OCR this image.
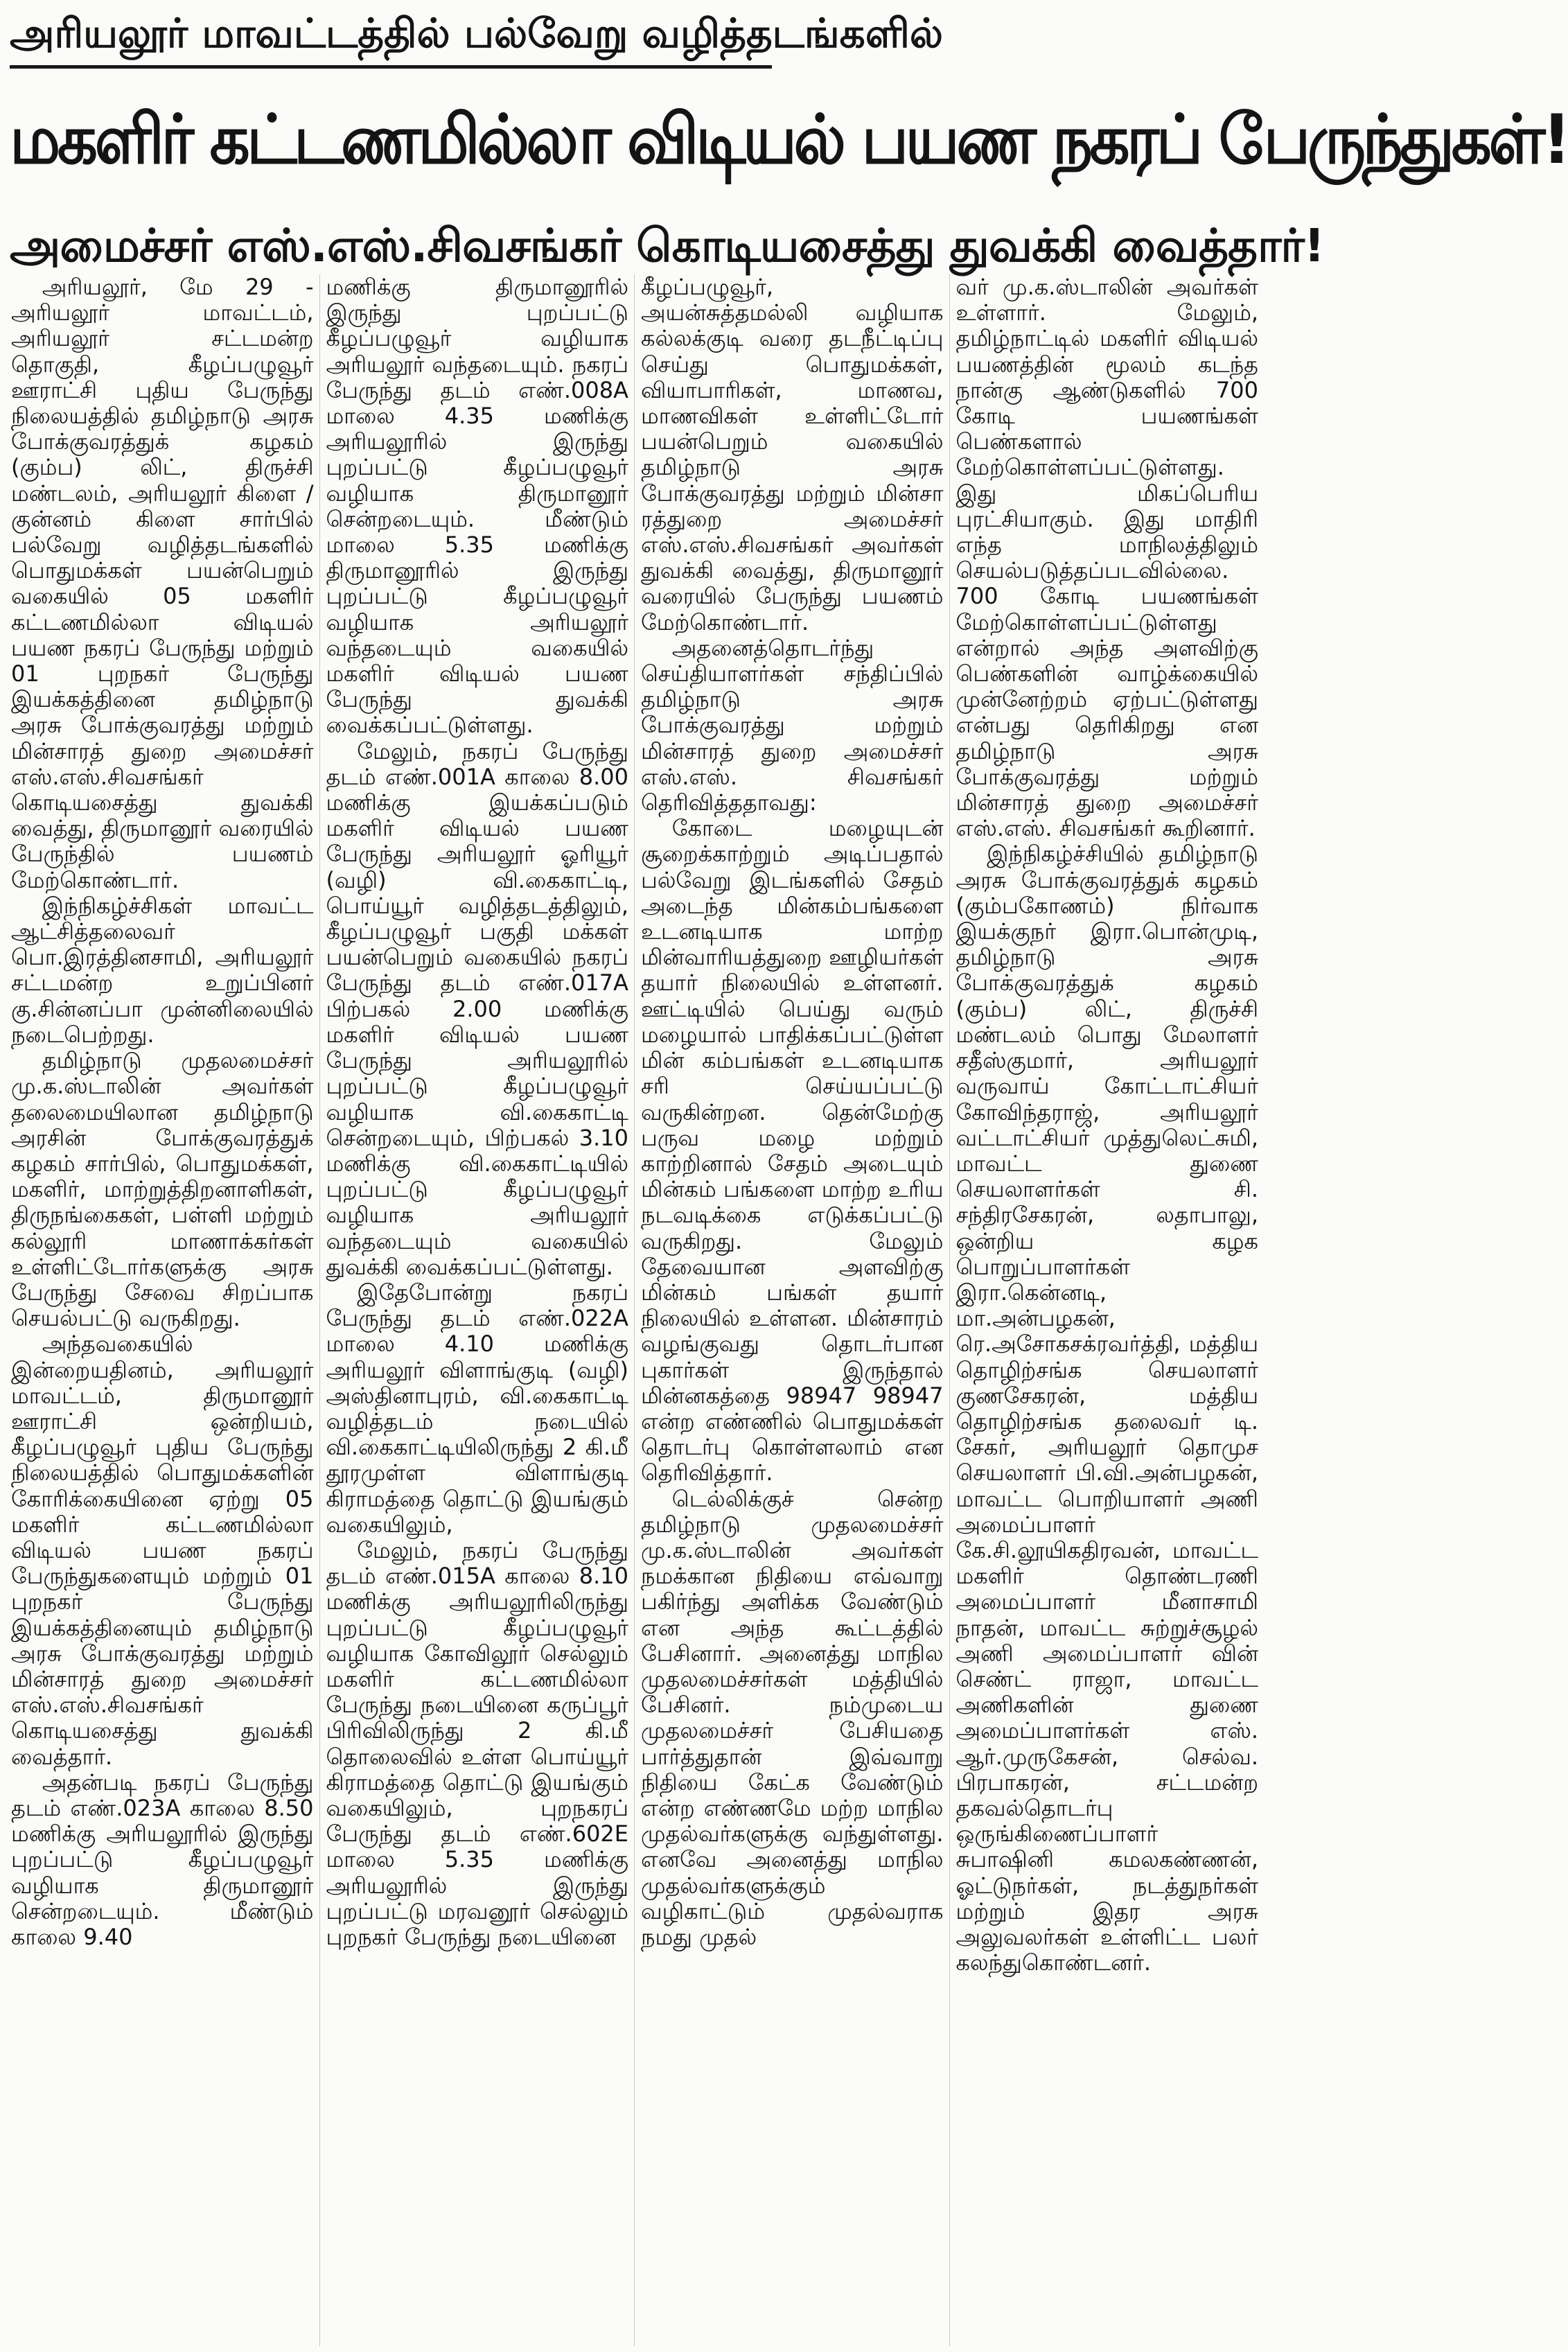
அரியலூர் மாவட்டத்தில் பல்வேறு வழித்தடங்களில்
மகளிர் கட்டணமில்லா விடியல் பயண நகரப் பேருந்துகள்!
அமைச்சர் எஸ்.எஸ்.சிவசங்கர் கொடியசைத்து துவக்கி வைத்தார்!

அரியலூர், மே 29 - அரியலூர் மாவட்டம், அரியலூர் சட்டமன்ற தொகுதி, கீழப்பழுவூர் ஊராட்சி புதிய பேருந்து நிலையத்தில் தமிழ்நாடு அரசு போக்குவரத்துக் கழகம் (கும்ப) லிட், திருச்சி மண்டலம், அரியலூர் கிளை / குன்னம் கிளை சார்பில் பல்வேறு வழித்தடங்களில் பொதுமக்கள் பயன்பெறும் வகையில் 05 மகளிர் கட்டணமில்லா விடியல் பயண நகரப் பேருந்து மற்றும் 01 புறநகர் பேருந்து இயக்கத்தினை தமிழ்நாடு அரசு போக்குவரத்து மற்றும் மின்சாரத் துறை அமைச்சர் எஸ்.எஸ்.சிவசங்கர் கொடியசைத்து துவக்கி வைத்து, திருமானூர் வரையில் பேருந்தில் பயணம் மேற்கொண்டார்.

இந்நிகழ்ச்சிகள் மாவட்ட ஆட்சித்தலைவர் பொ.இரத்தினசாமி, அரியலூர் சட்டமன்ற உறுப்பினர் கு.சின்னப்பா முன்னிலையில் நடைபெற்றது.

தமிழ்நாடு முதலமைச்சர் மு.க.ஸ்டாலின் அவர்கள் தலைமையிலான தமிழ்நாடு அரசின் போக்குவரத்துக் கழகம் சார்பில், பொதுமக்கள், மகளிர், மாற்றுத்திறனாளிகள், திருநங்கைகள், பள்ளி மற்றும் கல்லூரி மாணாக்கர்கள் உள்ளிட்டோர்களுக்கு அரசு பேருந்து சேவை சிறப்பாக செயல்பட்டு வருகிறது.

அந்தவகையில் இன்றையதினம், அரியலூர் மாவட்டம், திருமானூர் ஊராட்சி ஒன்றியம், கீழப்பழுவூர் புதிய பேருந்து நிலையத்தில் பொதுமக்களின் கோரிக்கையினை ஏற்று 05 மகளிர் கட்டணமில்லா விடியல் பயண நகரப் பேருந்துகளையும் மற்றும் 01 புறநகர் பேருந்து இயக்கத்தினையும் தமிழ்நாடு அரசு போக்குவரத்து மற்றும் மின்சாரத் துறை அமைச்சர் எஸ்.எஸ்.சிவசங்கர் கொடியசைத்து துவக்கி வைத்தார்.

அதன்படி நகரப் பேருந்து தடம் எண்.023A காலை 8.50 மணிக்கு அரியலூரில் இருந்து புறப்பட்டு கீழப்பழுவூர் வழியாக திருமானூர் சென்றடையும். மீண்டும் காலை 9.40

மணிக்கு திருமானூரில் இருந்து புறப்பட்டு கீழப்பழுவூர் வழியாக அரியலூர் வந்தடையும். நகரப் பேருந்து தடம் எண்.008A மாலை 4.35 மணிக்கு அரியலூரில் இருந்து புறப்பட்டு கீழப்பழுவூர் வழியாக திருமானூர் சென்றடையும். மீண்டும் மாலை 5.35 மணிக்கு திருமானூரில் இருந்து புறப்பட்டு கீழப்பழுவூர் வழியாக அரியலூர் வந்தடையும் வகையில் மகளிர் விடியல் பயண பேருந்து துவக்கி வைக்கப்பட்டுள்ளது.

மேலும், நகரப் பேருந்து தடம் எண்.001A காலை 8.00 மணிக்கு இயக்கப்படும் மகளிர் விடியல் பயண பேருந்து அரியலூர் ஓரியூர் (வழி) வி.கைகாட்டி, பொய்யூர் வழித்தடத்திலும், கீழப்பழுவூர் பகுதி மக்கள் பயன்பெறும் வகையில் நகரப் பேருந்து தடம் எண்.017A பிற்பகல் 2.00 மணிக்கு மகளிர் விடியல் பயண பேருந்து அரியலூரில் புறப்பட்டு கீழப்பழுவூர் வழியாக வி.கைகாட்டி சென்றடையும், பிற்பகல் 3.10 மணிக்கு வி.கைகாட்டியில் புறப்பட்டு கீழப்பழுவூர் வழியாக அரியலூர் வந்தடையும் வகையில் துவக்கி வைக்கப்பட்டுள்ளது.

இதேபோன்று நகரப் பேருந்து தடம் எண்.022A மாலை 4.10 மணிக்கு அரியலூர் விளாங்குடி (வழி) அஸ்தினாபுரம், வி.கைகாட்டி வழித்தடம் நடையில் வி.கைகாட்டியிலிருந்து 2 கி.மீ தூரமுள்ள விளாங்குடி கிராமத்தை தொட்டு இயங்கும் வகையிலும்,

மேலும், நகரப் பேருந்து தடம் எண்.015A காலை 8.10 மணிக்கு அரியலூரிலிருந்து புறப்பட்டு கீழப்பழுவூர் வழியாக கோவிலூர் செல்லும் மகளிர் கட்டணமில்லா பேருந்து நடையினை கருப்பூர் பிரிவிலிருந்து 2 கி.மீ தொலைவில் உள்ள பொய்யூர் கிராமத்தை தொட்டு இயங்கும் வகையிலும், புறநகரப் பேருந்து தடம் எண்.602E மாலை 5.35 மணிக்கு அரியலூரில் இருந்து புறப்பட்டு மரவனூர் செல்லும் புறநகர் பேருந்து நடையினை

கீழப்பழுவூர், அயன்சுத்தமல்லி வழியாக கல்லக்குடி வரை தடநீட்டிப்பு செய்து பொதுமக்கள், வியாபாரிகள், மாணவ, மாணவிகள் உள்ளிட்டோர் பயன்பெறும் வகையில் தமிழ்நாடு அரசு போக்குவரத்து மற்றும் மின்சா ரத்துறை அமைச்சர் எஸ்.எஸ்.சிவசங்கர் அவர்கள் துவக்கி வைத்து, திருமானூர் வரையில் பேருந்து பயணம் மேற்கொண்டார்.

அதனைத்தொடர்ந்து செய்தியாளர்கள் சந்திப்பில் தமிழ்நாடு அரசு போக்குவரத்து மற்றும் மின்சாரத் துறை அமைச்சர் எஸ்.எஸ். சிவசங்கர் தெரிவித்ததாவது:

கோடை மழையுடன் சூறைக்காற்றும் அடிப்பதால் பல்வேறு இடங்களில் சேதம் அடைந்த மின்கம்பங்களை உடனடியாக மாற்ற மின்வாரியத்துறை ஊழியர்கள் தயார் நிலையில் உள்ளனர். ஊட்டியில் பெய்து வரும் மழையால் பாதிக்கப்பட்டுள்ள மின் கம்பங்கள் உடனடியாக சரி செய்யப்பட்டு வருகின்றன. தென்மேற்கு பருவ மழை மற்றும் காற்றினால் சேதம் அடையும் மின்கம் பங்களை மாற்ற உரிய நடவடிக்கை எடுக்கப்பட்டு வருகிறது. மேலும் தேவையான அளவிற்கு மின்கம் பங்கள் தயார் நிலையில் உள்ளன. மின்சாரம் வழங்குவது தொடர்பான புகார்கள் இருந்தால் மின்னகத்தை 98947 98947 என்ற எண்ணில் பொதுமக்கள் தொடர்பு கொள்ளலாம் என தெரிவித்தார்.

டெல்லிக்குச் சென்ற தமிழ்நாடு முதலமைச்சர் மு.க.ஸ்டாலின் அவர்கள் நமக்கான நிதியை எவ்வாறு பகிர்ந்து அளிக்க வேண்டும் என அந்த கூட்டத்தில் பேசினார். அனைத்து மாநில முதலமைச்சர்கள் மத்தியில் பேசினர். நம்முடைய முதலமைச்சர் பேசியதை பார்த்துதான் இவ்வாறு நிதியை கேட்க வேண்டும் என்ற எண்ணமே மற்ற மாநில முதல்வர்களுக்கு வந்துள்ளது. எனவே அனைத்து மாநில முதல்வர்களுக்கும் வழிகாட்டும் முதல்வராக நமது முதல்

வர் மு.க.ஸ்டாலின் அவர்கள் உள்ளார். மேலும், தமிழ்நாட்டில் மகளிர் விடியல் பயணத்தின் மூலம் கடந்த நான்கு ஆண்டுகளில் 700 கோடி பயணங்கள் பெண்களால் மேற்கொள்ளப்பட்டுள்ளது. இது மிகப்பெரிய புரட்சியாகும். இது மாதிரி எந்த மாநிலத்திலும் செயல்படுத்தப்படவில்லை. 700 கோடி பயணங்கள் மேற்கொள்ளப்பட்டுள்ளது என்றால் அந்த அளவிற்கு பெண்களின் வாழ்க்கையில் முன்னேற்றம் ஏற்பட்டுள்ளது என்பது தெரிகிறது என தமிழ்நாடு அரசு போக்குவரத்து மற்றும் மின்சாரத் துறை அமைச்சர் எஸ்.எஸ். சிவசங்கர் கூறினார்.

இந்நிகழ்ச்சியில் தமிழ்நாடு அரசு போக்குவரத்துக் கழகம் (கும்பகோணம்) நிர்வாக இயக்குநர் இரா.பொன்முடி, தமிழ்நாடு அரசு போக்குவரத்துக் கழகம் (கும்ப) லிட், திருச்சி மண்டலம் பொது மேலாளர் சதீஸ்குமார், அரியலூர் வருவாய் கோட்டாட்சியர் கோவிந்தராஜ், அரியலூர் வட்டாட்சியர் முத்துலெட்சுமி, மாவட்ட துணை செயலாளர்கள் சி. சந்திரசேகரன், லதாபாலு, ஒன்றிய கழக பொறுப்பாளர்கள் இரா.கென்னடி, மா.அன்பழகன், ரெ.அசோகசக்ரவர்த்தி, மத்திய தொழிற்சங்க செயலாளர் குணசேகரன், மத்திய தொழிற்சங்க தலைவர் டி. சேகர், அரியலூர் தொமுச செயலாளர் பி.வி.அன்பழகன், மாவட்ட பொறியாளர் அணி அமைப்பாளர் கே.சி.லூயிகதிரவன், மாவட்ட மகளிர் தொண்டரணி அமைப்பாளர் மீனாசாமி நாதன், மாவட்ட சுற்றுச்சூழல் அணி அமைப்பாளர் வின் செண்ட் ராஜா, மாவட்ட அணிகளின் துணை அமைப்பாளர்கள் எஸ். ஆர்.முருகேசன், செல்வ. பிரபாகரன், சட்டமன்ற தகவல்தொடர்பு ஒருங்கிணைப்பாளர் சுபாஷினி கமலகண்ணன், ஓட்டுநர்கள், நடத்துநர்கள் மற்றும் இதர அரசு அலுவலர்கள் உள்ளிட்ட பலர் கலந்துகொண்டனர்.
